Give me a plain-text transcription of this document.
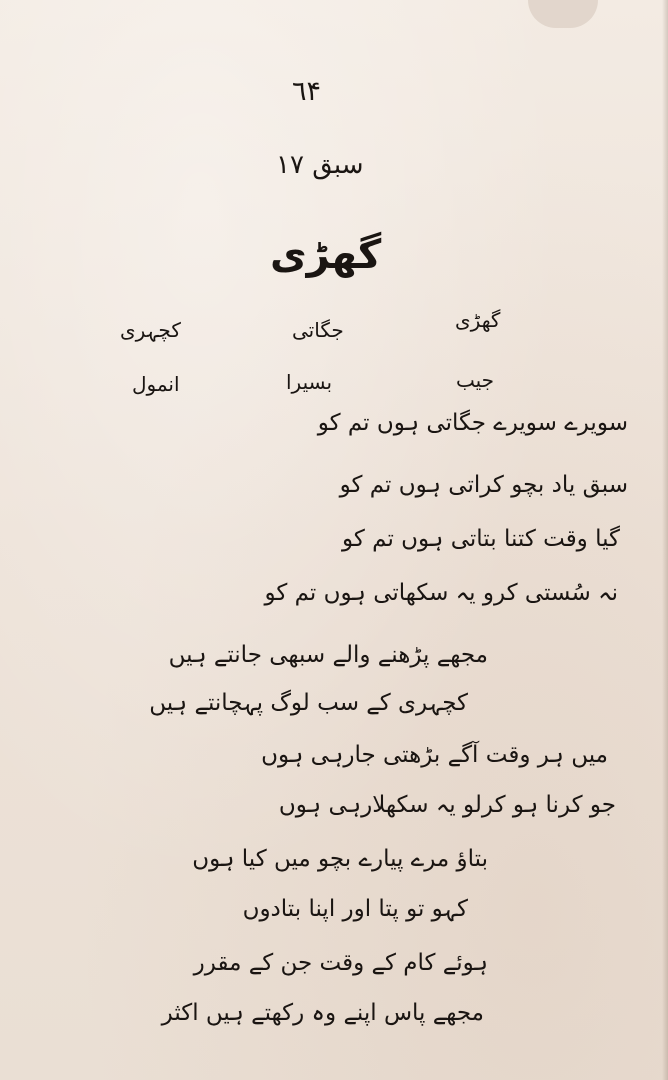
٦۴
سبق ١٧
گھڑی
گھڑی
جگاتی
کچہری
جیب
بسیرا
انمول
سویرے سویرے جگاتی ہوں تم کو
سبق یاد بچو کراتی ہوں تم کو
گیا وقت کتنا بتاتی ہوں تم کو
نہ سُستی کرو یہ سکھاتی ہوں تم کو
مجھے پڑھنے والے سبھی جانتے ہیں
کچہری کے سب لوگ پہچانتے ہیں
میں ہر وقت آگے بڑھتی جارہی ہوں
جو کرنا ہو کرلو یہ سکھلارہی ہوں
بتاؤ مرے پیارے بچو میں کیا ہوں
کہو تو پتا اور اپنا بتادوں
ہوئے کام کے وقت جن کے مقرر
مجھے پاس اپنے وہ رکھتے ہیں اکثر
